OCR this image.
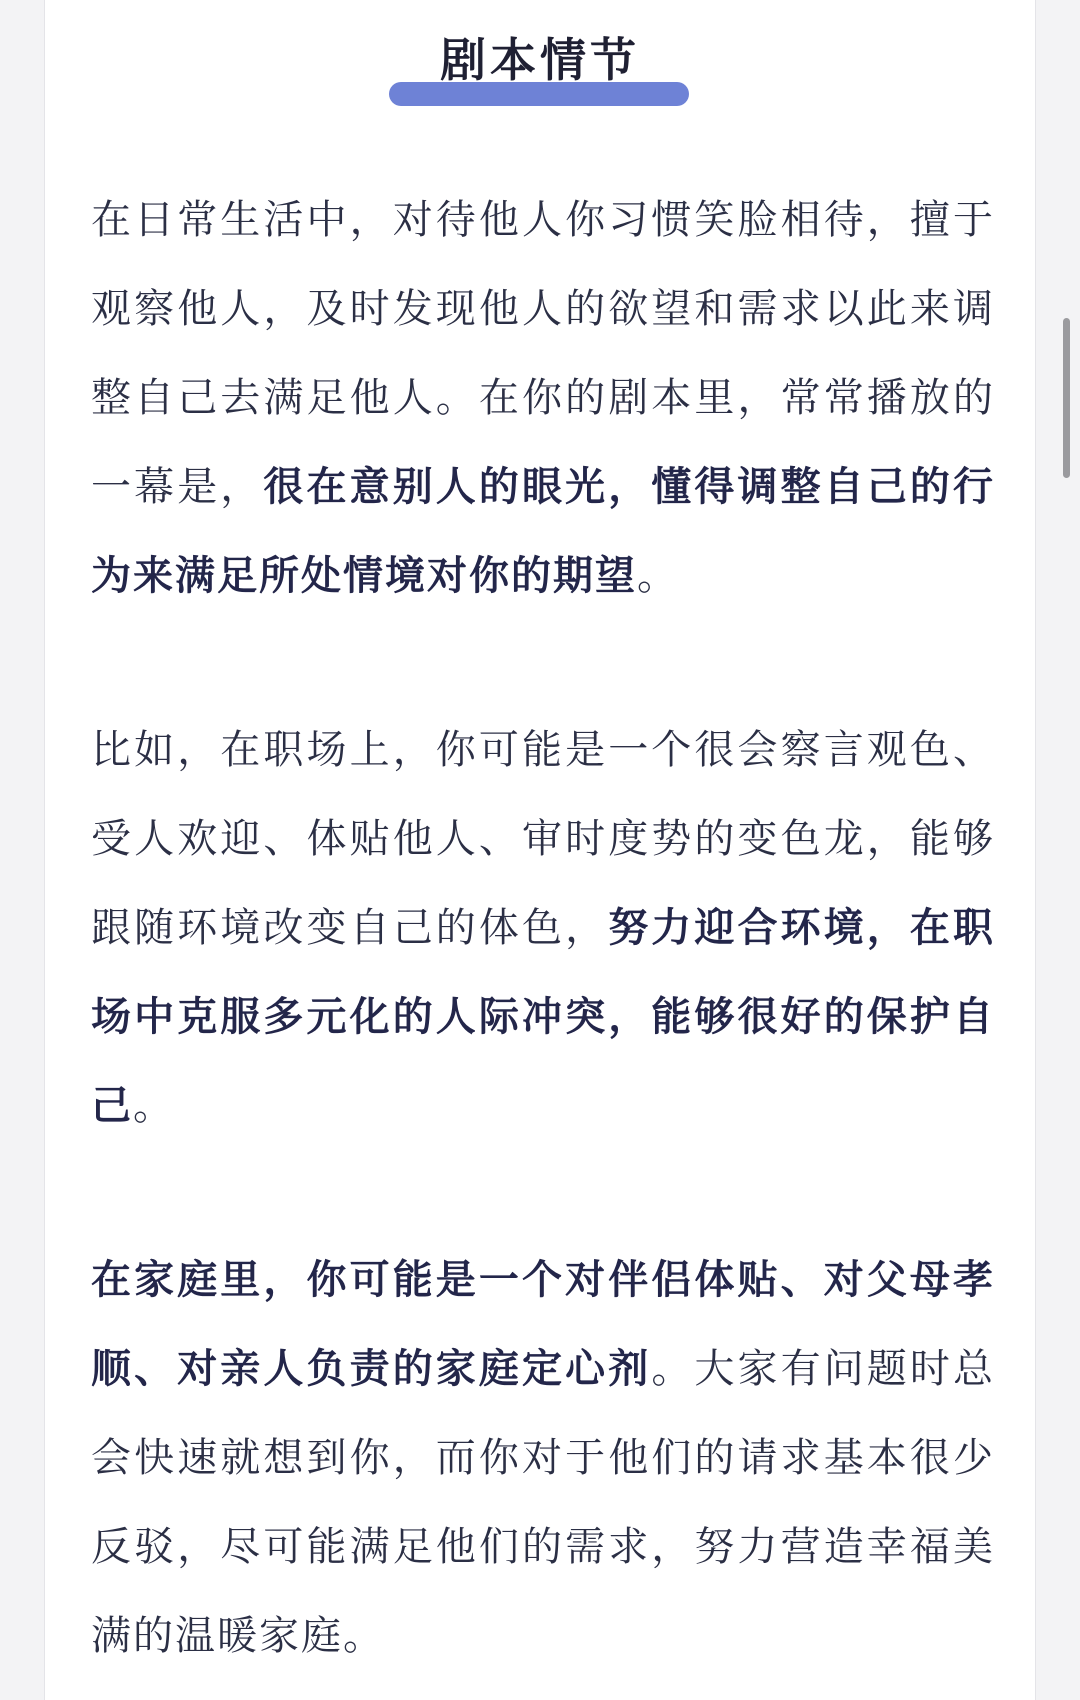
剧本情节

在日常生活中，对待他人你习惯笑脸相待，擅于观察他人，及时发现他人的欲望和需求以此来调整自己去满足他人。在你的剧本里，常常播放的一幕是，很在意别人的眼光，懂得调整自己的行为来满足所处情境对你的期望。

比如，在职场上，你可能是一个很会察言观色、受人欢迎、体贴他人、审时度势的变色龙，能够跟随环境改变自己的体色，努力迎合环境，在职场中克服多元化的人际冲突，能够很好的保护自己。

在家庭里，你可能是一个对伴侣体贴、对父母孝顺、对亲人负责的家庭定心剂。大家有问题时总会快速就想到你，而你对于他们的请求基本很少反驳，尽可能满足他们的需求，努力营造幸福美满的温暖家庭。
